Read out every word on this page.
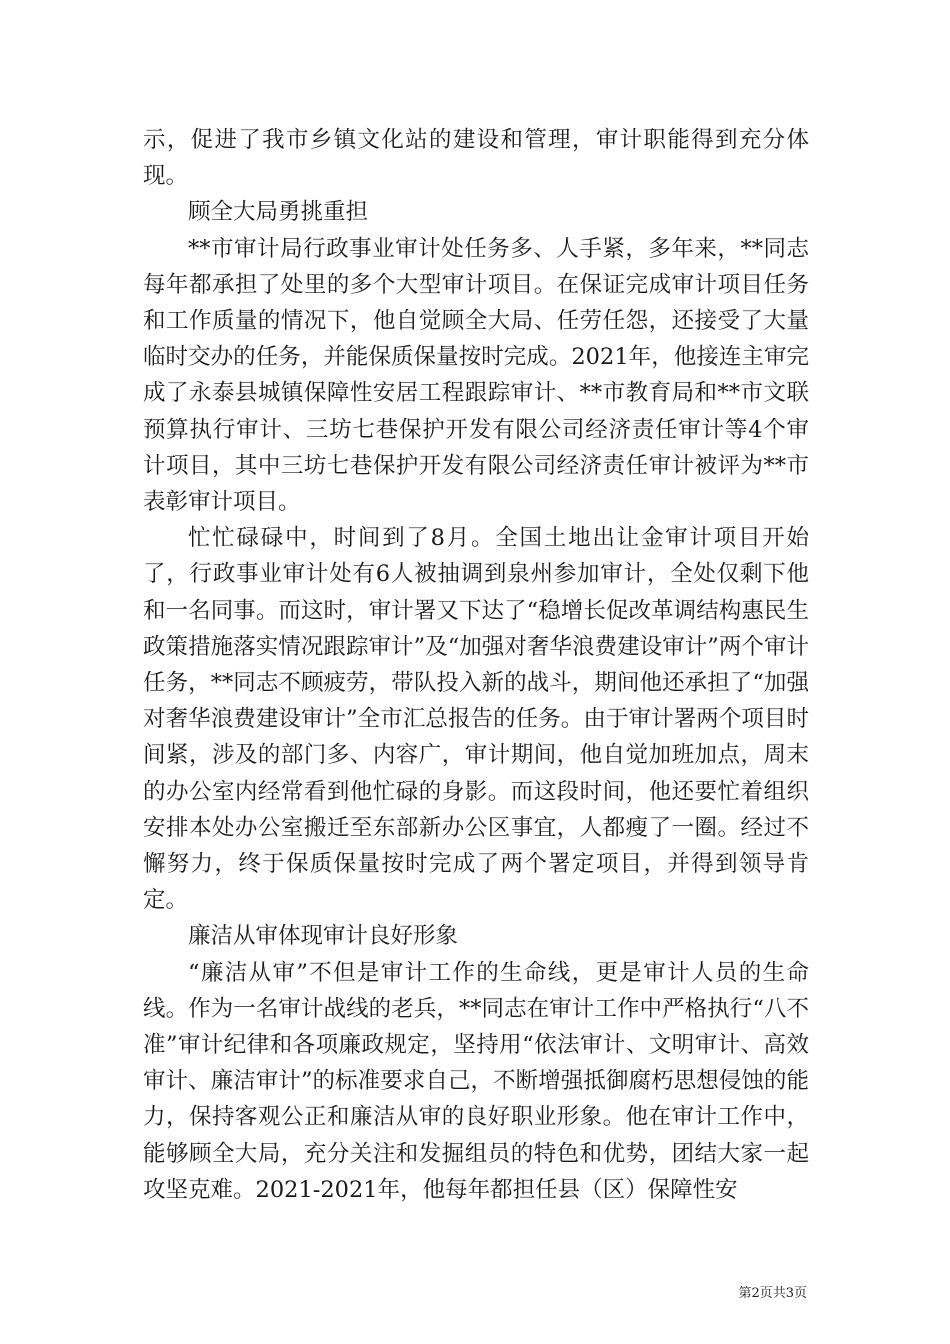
示，促进了我市乡镇文化站的建设和管理，审计职能得到充分体现。

顾全大局勇挑重担

**市审计局行政事业审计处任务多、人手紧，多年来，**同志每年都承担了处里的多个大型审计项目。在保证完成审计项目任务和工作质量的情况下，他自觉顾全大局、任劳任怨，还接受了大量临时交办的任务，并能保质保量按时完成。2021年，他接连主审完成了永泰县城镇保障性安居工程跟踪审计、**市教育局和**市文联预算执行审计、三坊七巷保护开发有限公司经济责任审计等4个审计项目，其中三坊七巷保护开发有限公司经济责任审计被评为**市表彰审计项目。

忙忙碌碌中，时间到了8月。全国土地出让金审计项目开始了，行政事业审计处有6人被抽调到泉州参加审计，全处仅剩下他和一名同事。而这时，审计署又下达了“稳增长促改革调结构惠民生政策措施落实情况跟踪审计”及“加强对奢华浪费建设审计”两个审计任务，**同志不顾疲劳，带队投入新的战斗，期间他还承担了“加强对奢华浪费建设审计”全市汇总报告的任务。由于审计署两个项目时间紧，涉及的部门多、内容广，审计期间，他自觉加班加点，周末的办公室内经常看到他忙碌的身影。而这段时间，他还要忙着组织安排本处办公室搬迁至东部新办公区事宜，人都瘦了一圈。经过不懈努力，终于保质保量按时完成了两个署定项目，并得到领导肯定。

廉洁从审体现审计良好形象

“廉洁从审”不但是审计工作的生命线，更是审计人员的生命线。作为一名审计战线的老兵，**同志在审计工作中严格执行“八不准”审计纪律和各项廉政规定，坚持用“依法审计、文明审计、高效审计、廉洁审计”的标准要求自己，不断增强抵御腐朽思想侵蚀的能力，保持客观公正和廉洁从审的良好职业形象。他在审计工作中，能够顾全大局，充分关注和发掘组员的特色和优势，团结大家一起攻坚克难。2021-2021年，他每年都担任县（区）保障性安

第2页共3页
